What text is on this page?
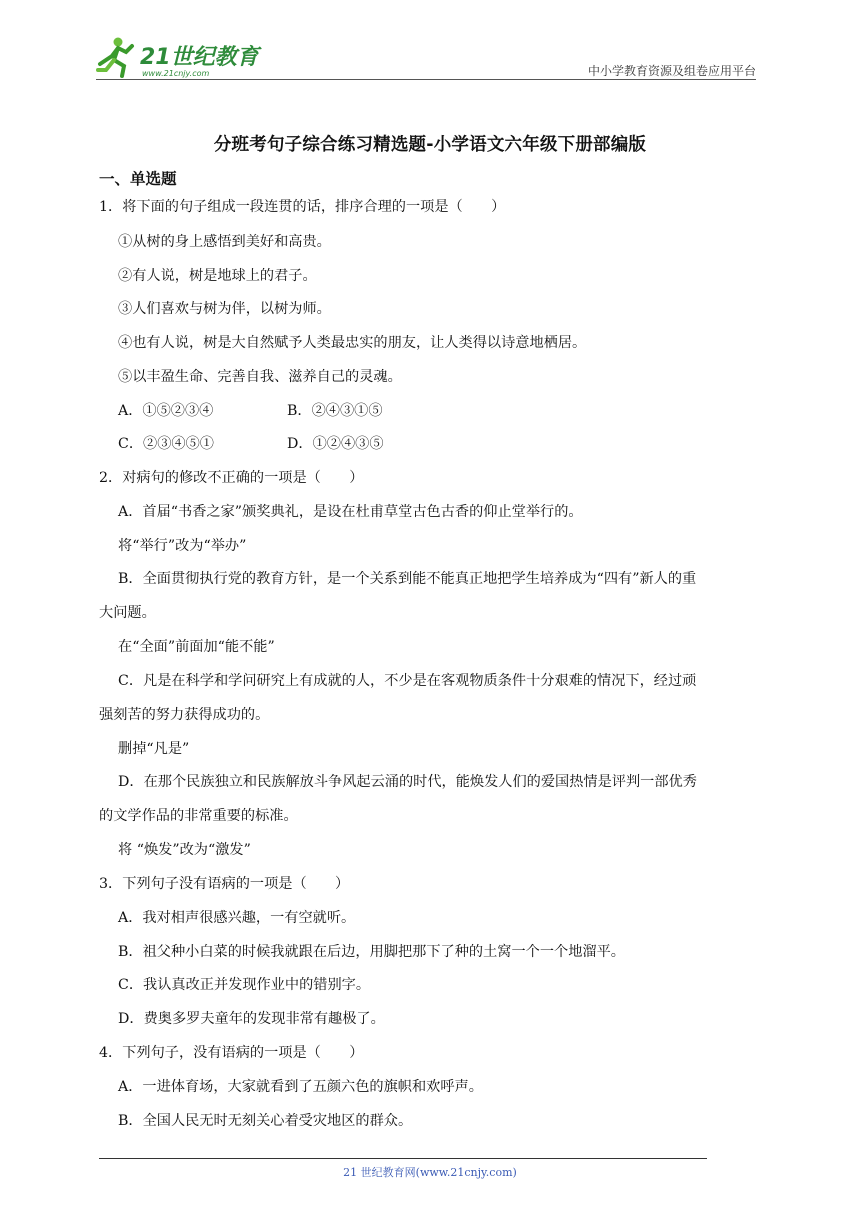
21世纪教育
www.21cnjy.com	中小学教育资源及组卷应用平台
分班考句子综合练习精选题-小学语文六年级下册部编版
一、单选题
1．将下面的句子组成一段连贯的话，排序合理的一项是（　　）
①从树的身上感悟到美好和高贵。
②有人说，树是地球上的君子。
③人们喜欢与树为伴，以树为师。
④也有人说，树是大自然赋予人类最忠实的朋友，让人类得以诗意地栖居。
⑤以丰盈生命、完善自我、滋养自己的灵魂。
A．①⑤②③④	B．②④③①⑤
C．②③④⑤①	D．①②④③⑤
2．对病句的修改不正确的一项是（　　）
A．首届“书香之家”颁奖典礼，是设在杜甫草堂古色古香的仰止堂举行的。
将“举行”改为“举办”
B．全面贯彻执行党的教育方针，是一个关系到能不能真正地把学生培养成为“四有”新人的重
大问题。
在“全面”前面加“能不能”
C．凡是在科学和学问研究上有成就的人，不少是在客观物质条件十分艰难的情况下，经过顽
强刻苦的努力获得成功的。
删掉“凡是”
D．在那个民族独立和民族解放斗争风起云涌的时代，能焕发人们的爱国热情是评判一部优秀
的文学作品的非常重要的标准。
将 “焕发”改为“激发”
3．下列句子没有语病的一项是（　　）
A．我对相声很感兴趣，一有空就听。
B．祖父种小白菜的时候我就跟在后边，用脚把那下了种的土窝一个一个地溜平。
C．我认真改正并发现作业中的错别字。
D．费奥多罗夫童年的发现非常有趣极了。
4．下列句子，没有语病的一项是（　　）
A．一进体育场，大家就看到了五颜六色的旗帜和欢呼声。
B．全国人民无时无刻关心着受灾地区的群众。
21 世纪教育网(www.21cnjy.com)
